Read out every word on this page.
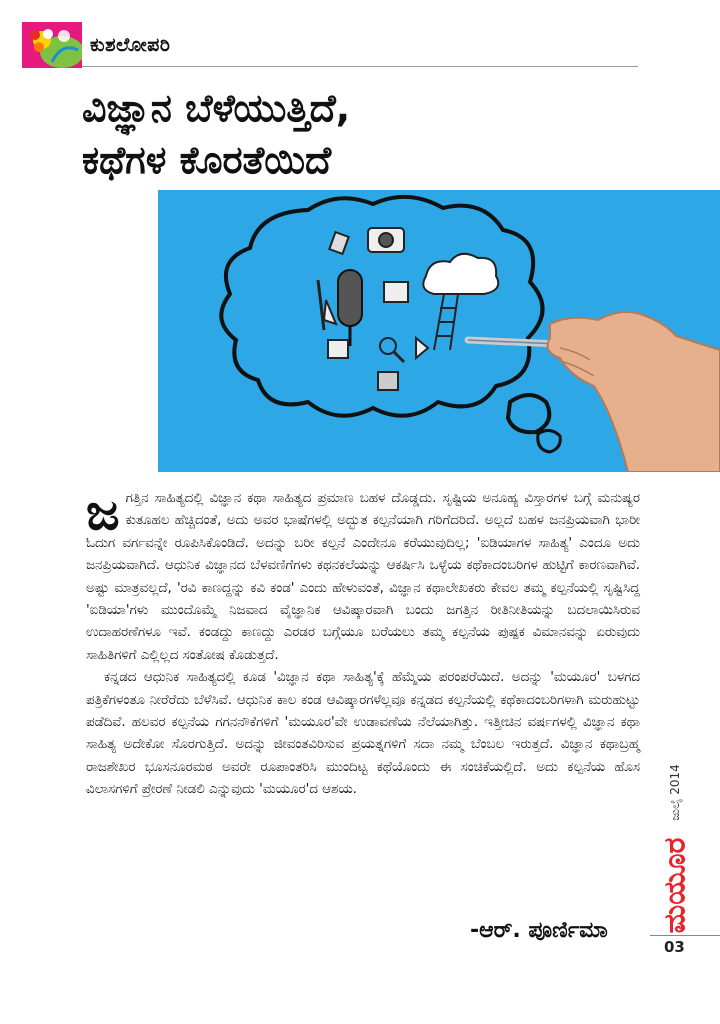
ಕುಶಲೋಪರಿ
ವಿಜ್ಞಾನ ಬೆಳೆಯುತ್ತಿದೆ,
ಕಥೆಗಳ ಕೊರತೆಯಿದೆ

ಜಗತ್ತಿನ ಸಾಹಿತ್ಯದಲ್ಲಿ ವಿಜ್ಞಾನ ಕಥಾ ಸಾಹಿತ್ಯದ ಪ್ರಮಾಣ ಬಹಳ ದೊಡ್ಡದು. ಸೃಷ್ಟಿಯ ಅನೂಹ್ಯ ವಿಸ್ತಾರಗಳ ಬಗ್ಗೆ ಮನುಷ್ಯರ ಕುತೂಹಲ ಹೆಚ್ಚಿದಂತೆ, ಅದು ಅವರ ಭಾಷೆಗಳಲ್ಲಿ ಅದ್ಭುತ ಕಲ್ಪನೆಯಾಗಿ ಗರಿಗೆದರಿದೆ. ಅಲ್ಲದೆ ಬಹಳ ಜನಪ್ರಿಯವಾಗಿ ಭಾರೀ ಓದುಗ ವರ್ಗವನ್ನೇ ರೂಪಿಸಿಕೊಂಡಿದೆ. ಅದನ್ನು ಬರೀ ಕಲ್ಪನೆ ಎಂದೇನೂ ಕರೆಯುವುದಿಲ್ಲ; 'ಐಡಿಯಾಗಳ ಸಾಹಿತ್ಯ' ಎಂದೂ ಅದು ಜನಪ್ರಿಯವಾಗಿದೆ. ಆಧುನಿಕ ವಿಜ್ಞಾನದ ಬೆಳವಣಿಗೆಗಳು ಕಥನಕಲೆಯನ್ನು ಆಕರ್ಷಿಸಿ ಒಳ್ಳೆಯ ಕಥೆಕಾದಂಬರಿಗಳ ಹುಟ್ಟಿಗೆ ಕಾರಣವಾಗಿವೆ. ಅಷ್ಟು ಮಾತ್ರವಲ್ಲದೆ, 'ರವಿ ಕಾಣದ್ದನ್ನು ಕವಿ ಕಂಡ' ಎಂದು ಹೇಳುವಂತೆ, ವಿಜ್ಞಾನ ಕಥಾಲೇಖಕರು ಕೇವಲ ತಮ್ಮ ಕಲ್ಪನೆಯಲ್ಲಿ ಸೃಷ್ಟಿಸಿದ್ದ 'ಐಡಿಯಾ'ಗಳು ಮುಂದೊಮ್ಮೆ ನಿಜವಾದ ವೈಜ್ಞಾನಿಕ ಆವಿಷ್ಕಾರವಾಗಿ ಬಂದು ಜಗತ್ತಿನ ರೀತಿನೀತಿಯನ್ನು ಬದಲಾಯಿಸಿರುವ ಉದಾಹರಣೆಗಳೂ ಇವೆ. ಕಂಡದ್ದು ಕಾಣದ್ದು ಎರಡರ ಬಗ್ಗೆಯೂ ಬರೆಯಲು ತಮ್ಮ ಕಲ್ಪನೆಯ ಪುಷ್ಪಕ ವಿಮಾನವನ್ನು ಏರುವುದು ಸಾಹಿತಿಗಳಿಗೆ ಎಲ್ಲಿಲ್ಲದ ಸಂತೋಷ ಕೊಡುತ್ತದೆ.

ಕನ್ನಡದ ಆಧುನಿಕ ಸಾಹಿತ್ಯದಲ್ಲಿ ಕೂಡ 'ವಿಜ್ಞಾನ ಕಥಾ ಸಾಹಿತ್ಯ'ಕ್ಕೆ ಹೆಮ್ಮೆಯ ಪರಂಪರೆಯಿದೆ. ಅದನ್ನು 'ಮಯೂರ' ಬಳಗದ ಪತ್ರಿಕೆಗಳಂತೂ ನೀರೆರೆದು ಬೆಳೆಸಿವೆ. ಆಧುನಿಕ ಕಾಲ ಕಂಡ ಆವಿಷ್ಕಾರಗಳೆಲ್ಲವೂ ಕನ್ನಡದ ಕಲ್ಪನೆಯಲ್ಲಿ ಕಥೆಕಾದಂಬರಿಗಳಾಗಿ ಮರುಹುಟ್ಟು ಪಡೆದಿವೆ. ಹಲವರ ಕಲ್ಪನೆಯ ಗಗನನೌಕೆಗಳಿಗೆ 'ಮಯೂರ'ವೇ ಉಡಾವಣೆಯ ನೆಲೆಯಾಗಿತ್ತು. ಇತ್ತೀಚಿನ ವರ್ಷಗಳಲ್ಲಿ ವಿಜ್ಞಾನ ಕಥಾ ಸಾಹಿತ್ಯ ಅದೇಕೋ ಸೊರಗುತ್ತಿದೆ. ಅದನ್ನು ಜೀವಂತವಿರಿಸುವ ಪ್ರಯತ್ನಗಳಿಗೆ ಸದಾ ನಮ್ಮ ಬೆಂಬಲ ಇರುತ್ತದೆ. ವಿಜ್ಞಾನ ಕಥಾಬ್ರಹ್ಮ ರಾಜಶೇಖರ ಭೂಸನೂರಮಠ ಅವರೇ ರೂಪಾಂತರಿಸಿ ಮುಂದಿಟ್ಟ ಕಥೆಯೊಂದು ಈ ಸಂಚಿಕೆಯಲ್ಲಿದೆ. ಅದು ಕಲ್ಪನೆಯ ಹೊಸ ವಿಲಾಸಗಳಿಗೆ ಪ್ರೇರಣೆ ನೀಡಲಿ ಎನ್ನುವುದು 'ಮಯೂರ'ದ ಆಶಯ.

-ಆರ್. ಪೂರ್ಣಿಮಾ
ಜುಲೈ 2014
ಮಯೂರ
03
